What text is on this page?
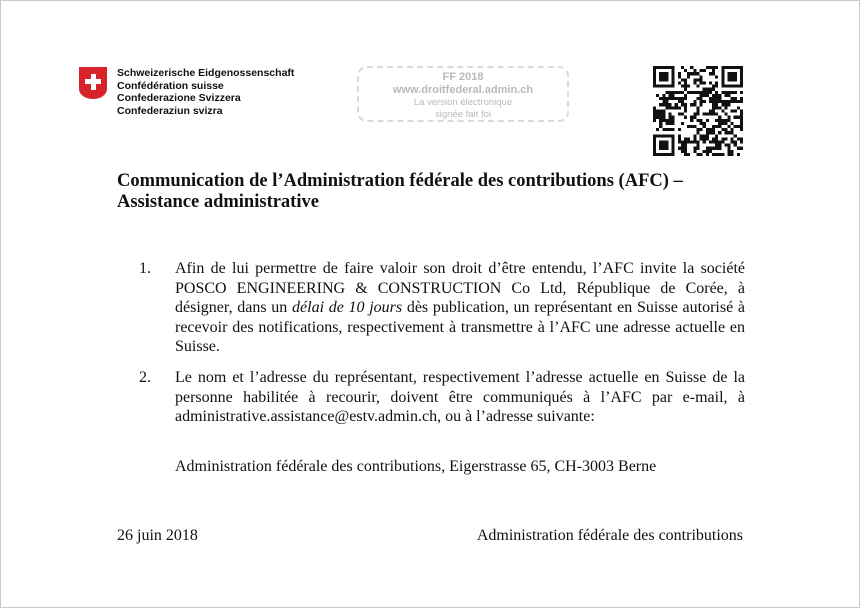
Schweizerische Eidgenossenschaft
Confédération suisse
Confederazione Svizzera
Confederaziun svizra
FF 2018
www.droitfederal.admin.ch
La version électronique
signée fait foi
Communication de l’Administration fédérale des contributions (AFC) – Assistance administrative
1. Afin de lui permettre de faire valoir son droit d’être entendu, l’AFC invite la société POSCO ENGINEERING & CONSTRUCTION Co Ltd, République de Corée, à désigner, dans un délai de 10 jours dès publication, un représentant en Suisse autorisé à recevoir des notifications, respectivement à transmettre à l’AFC une adresse actuelle en Suisse.
2. Le nom et l’adresse du représentant, respectivement l’adresse actuelle en Suisse de la personne habilitée à recourir, doivent être communiqués à l’AFC par e-mail, à administrative.assistance@estv.admin.ch, ou à l’adresse suivante:
Administration fédérale des contributions, Eigerstrasse 65, CH-3003 Berne
26 juin 2018	Administration fédérale des contributions
